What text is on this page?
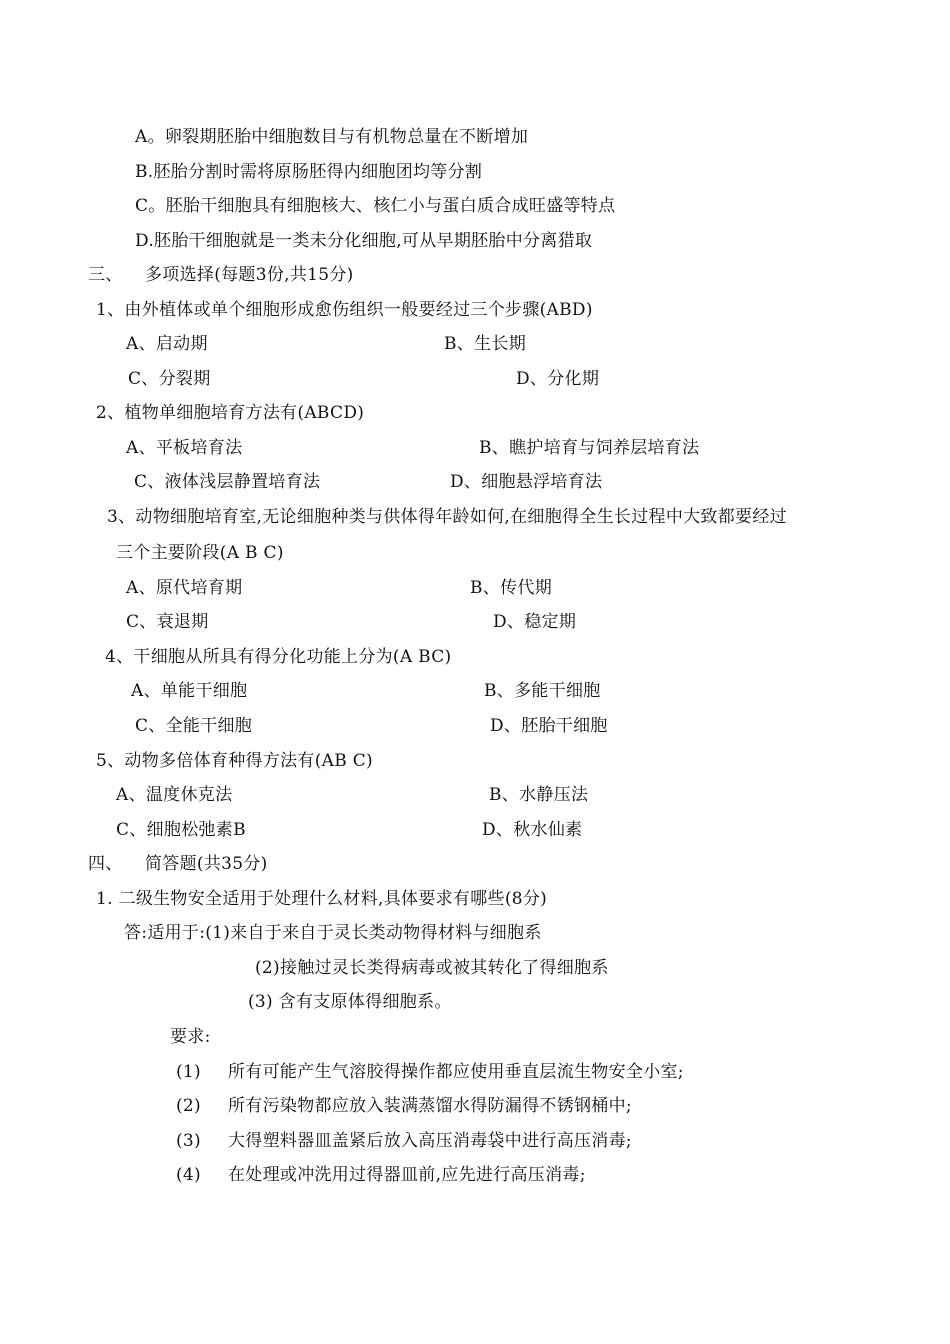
A。卵裂期胚胎中细胞数目与有机物总量在不断增加
B.胚胎分割时需将原肠胚得内细胞团均等分割
C。胚胎干细胞具有细胞核大、核仁小与蛋白质合成旺盛等特点
D.胚胎干细胞就是一类未分化细胞,可从早期胚胎中分离猎取
三、 多项选择(每题3份,共15分)
1、由外植体或单个细胞形成愈伤组织一般要经过三个步骤(ABD)
A、启动期	B、生长期
C、分裂期	D、分化期
2、植物单细胞培育方法有(ABCD)
A、平板培育法	B、瞧护培育与饲养层培育法
C、液体浅层静置培育法	D、细胞悬浮培育法
3、动物细胞培育室,无论细胞种类与供体得年龄如何,在细胞得全生长过程中大致都要经过
三个主要阶段(A B C)
A、原代培育期	B、传代期
C、衰退期	D、稳定期
4、干细胞从所具有得分化功能上分为(A BC)
A、单能干细胞	B、多能干细胞
C、全能干细胞	D、胚胎干细胞
5、动物多倍体育种得方法有(AB C)
A、温度休克法	B、水静压法
C、细胞松弛素B	D、秋水仙素
四、 简答题(共35分)
1. 二级生物安全适用于处理什么材料,具体要求有哪些(8分)
答:适用于:(1)来自于来自于灵长类动物得材料与细胞系
(2)接触过灵长类得病毒或被其转化了得细胞系
(3) 含有支原体得细胞系。
要求:
(1) 所有可能产生气溶胶得操作都应使用垂直层流生物安全小室;
(2) 所有污染物都应放入装满蒸馏水得防漏得不锈钢桶中;
(3) 大得塑料器皿盖紧后放入高压消毒袋中进行高压消毒;
(4) 在处理或冲洗用过得器皿前,应先进行高压消毒;
